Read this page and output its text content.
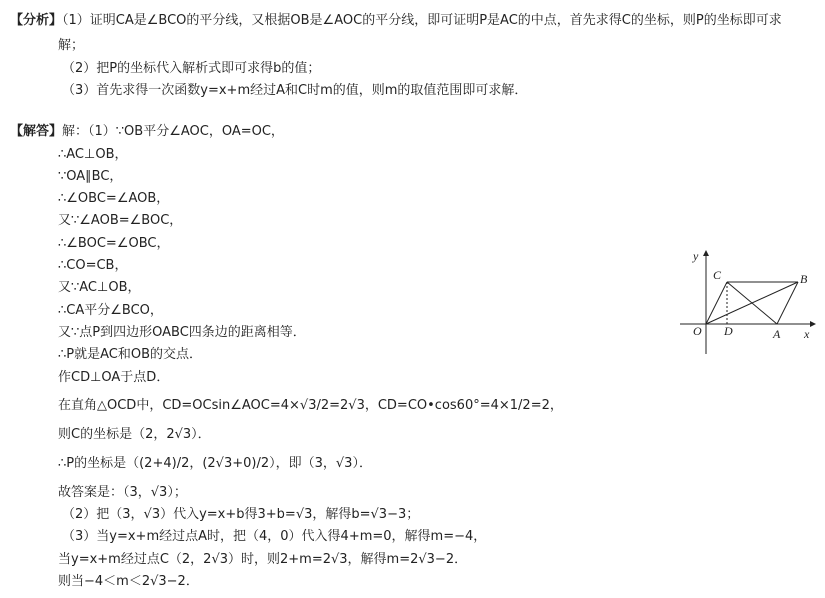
【分析】（1）证明CA是∠BCO的平分线，又根据OB是∠AOC的平分线，即可证明P是AC的中点，首先求得C的坐标，则P的坐标即可求
解；
（2）把P的坐标代入解析式即可求得b的值；
（3）首先求得一次函数y=x+m经过A和C时m的值，则m的取值范围即可求解．
【解答】解：（1）∵OB平分∠AOC，OA=OC，
∴AC⊥OB，
∵OA∥BC，
∴∠OBC=∠AOB，
又∵∠AOB=∠BOC，
∴∠BOC=∠OBC，
∴CO=CB，
又∵AC⊥OB，
∴CA平分∠BCO，
又∵点P到四边形OABC四条边的距离相等．
∴P就是AC和OB的交点．
作CD⊥OA于点D．
在直角△OCD中，CD=OCsin∠AOC=4×√3/2=2√3，CD=CO•cos60°=4×1/2=2，
则C的坐标是（2，2√3）．
∴P的坐标是（(2+4)/2，(2√3+0)/2），即（3，√3）．
故答案是：（3，√3）；
（2）把（3，√3）代入y=x+b得3+b=√3，解得b=√3−3；
（3）当y=x+m经过点A时，把（4，0）代入得4+m=0，解得m=−4，
当y=x+m经过点C（2，2√3）时，则2+m=2√3，解得m=2√3−2．
则当−4＜m＜2√3−2．
y
x
O	A
B
C
D
